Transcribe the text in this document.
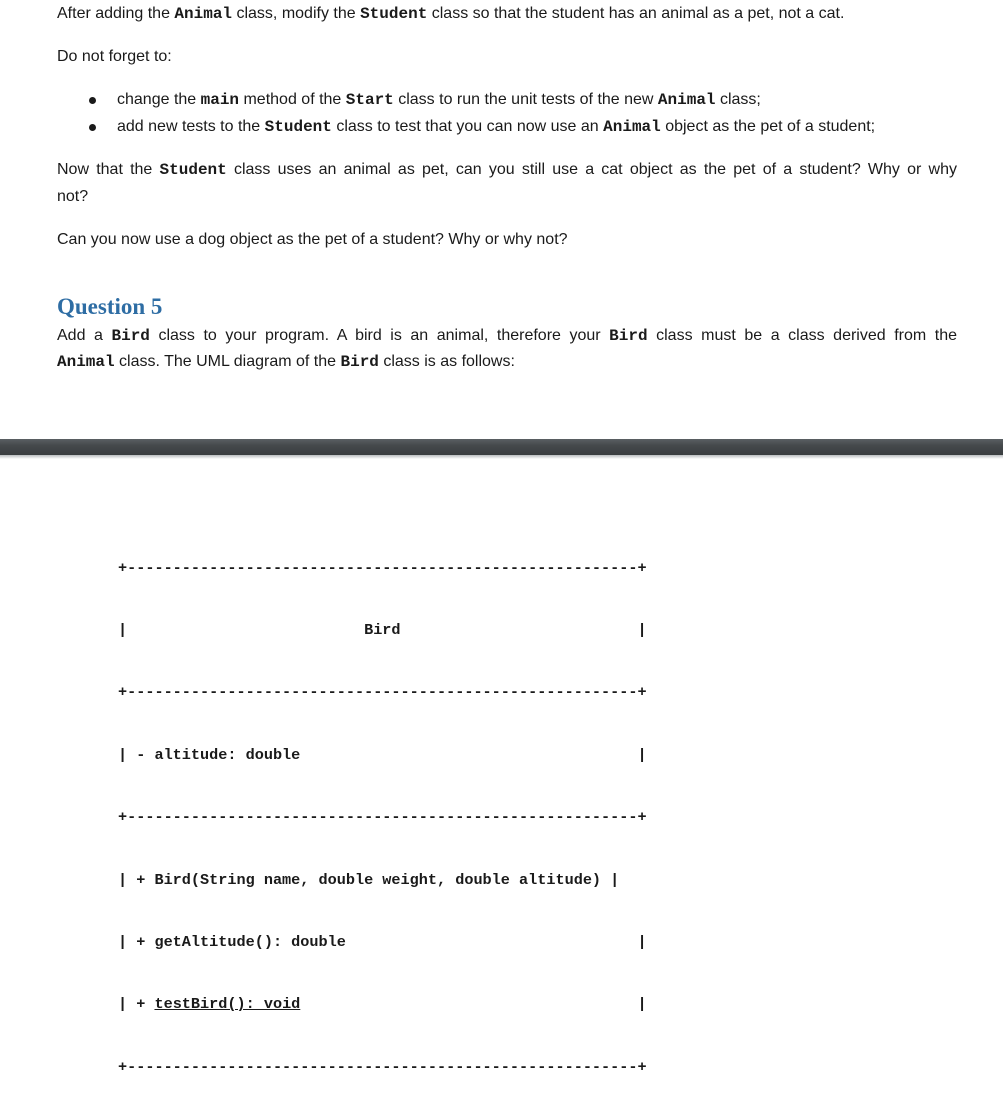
After adding the Animal class, modify the Student class so that the student has an animal as a pet, not a cat.
Do not forget to:
change the main method of the Start class to run the unit tests of the new Animal class;
add new tests to the Student class to test that you can now use an Animal object as the pet of a student;
Now that the Student class uses an animal as pet, can you still use a cat object as the pet of a student? Why or why
not?
Can you now use a dog object as the pet of a student? Why or why not?
Question 5
Add a Bird class to your program. A bird is an animal, therefore your Bird class must be a class derived from the
Animal class. The UML diagram of the Bird class is as follows:

+--------------------------------------------------------+

|                          Bird                          |

+--------------------------------------------------------+

| - altitude: double                                     |

+--------------------------------------------------------+

| + Bird(String name, double weight, double altitude) |

| + getAltitude(): double                                |

| + testBird(): void                                     |

+--------------------------------------------------------+
